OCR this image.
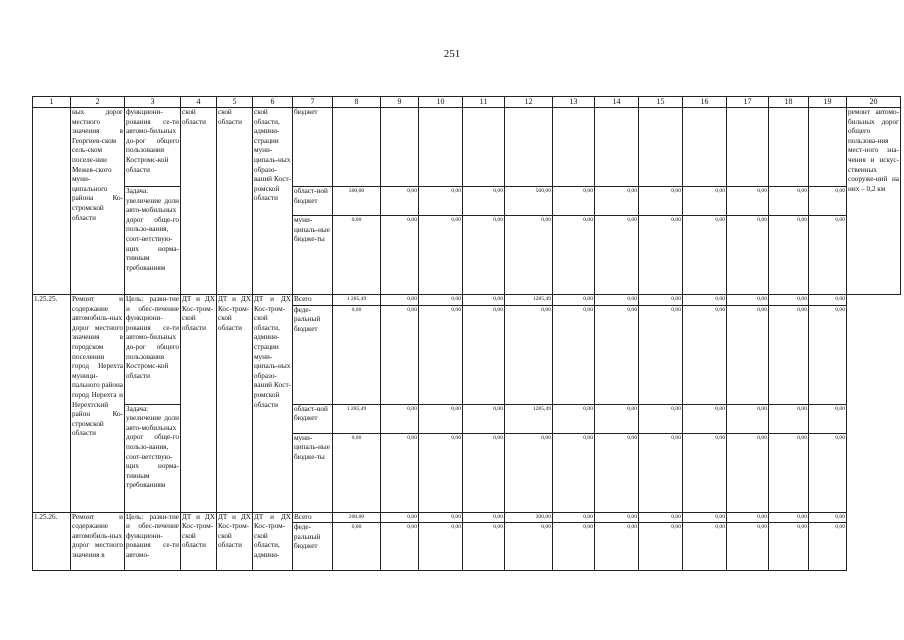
251
1	2	3	4	5	6	7	8	9	10	11	12	13	14	15	16	17	18	19	20
	ных дорог местного значения в Георгиев-ском сель-ском поселе-нии Межев-ского муни-ципального района Ко-стромской области	функциони-рования се-ти автомо-бильных до-рог общего пользования Костромс-кой области	ской области	ской области	ской области, админи-страции муни-ципаль-ных образо-ваний Кост-ромской области	бюджет													ремонт автомо-бильных дорог общего пользова-ния мест-ного зна-чения и искус-ственных сооруже-ний на них – 0,2 км
		Задача: увеличение доли авто-мобильных дорог обще-го пользо-вания, соот-ветствую-щих норма-тивным требованиям				област-ной бюджет	500,00	0,00	0,00	0,00	500,00	0,00	0,00	0,00	0,00	0,00	0,00	0,00	
						муни-ципаль-ные бюдже-ты	0,00	0,00	0,00	0,00	0,00	0,00	0,00	0,00	0,00	0,00	0,00	0,00	
1.25.25.	Ремонт и содержание автомобиль-ных дорог местного значения в городском поселении город Нерехта муници-пального района город Нерехта и Нерехтский район Ко-стромской области	Цель: разви-тие и обес-печение функциони-рования се-ти автомо-бильных до-рог общего пользования Костромс-кой области	ДТ и ДХ Кос-тром-ской области	ДТ и ДХ Кос-тром-ской области	ДТ и ДХ Кос-тром-ской области, админи-страции муни-ципаль-ных образо-ваний Кост-ромской области	Всего	1 285,49	0,00	0,00	0,00	1285,49	0,00	0,00	0,00	0,00	0,00	0,00	0,00	
						феде-ральный бюджет	0,00	0,00	0,00	0,00	0,00	0,00	0,00	0,00	0,00	0,00	0,00	0,00	
		Задача: увеличение доли авто-мобильных дорог обще-го пользо-вания, соот-ветствую-щих норма-тивным требованиям				област-ной бюджет	1 285,49	0,00	0,00	0,00	1285,49	0,00	0,00	0,00	0,00	0,00	0,00	0,00	
						муни-ципаль-ные бюдже-ты	0,00	0,00	0,00	0,00	0,00	0,00	0,00	0,00	0,00	0,00	0,00	0,00	
1.25.26.	Ремонт и содержание автомобиль-ных дорог местного значения в	Цель: разви-тие и обес-печение функциони-рования се-ти автомо-	ДТ и ДХ Кос-тром-ской области	ДТ и ДХ Кос-тром-ской области	ДТ и ДХ Кос-тром-ской области, админи-	Всего	200,00	0,00	0,00	0,00	200,00	0,00	0,00	0,00	0,00	0,00	0,00	0,00	
						феде-ральный бюджет	0,00	0,00	0,00	0,00	0,00	0,00	0,00	0,00	0,00	0,00	0,00	0,00	
